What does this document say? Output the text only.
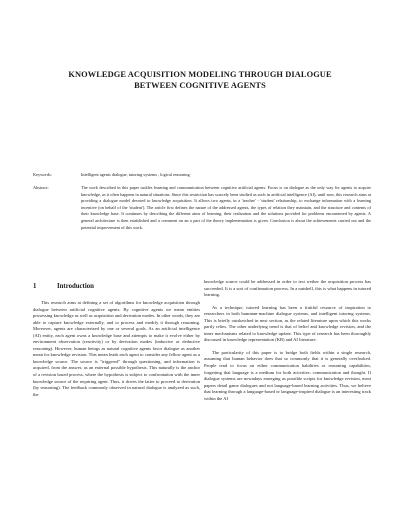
KNOWLEDGE ACQUISITION MODELING THROUGH DIALOGUE
BETWEEN COGNITIVE AGENTS
Keywords:	Intelligent agents dialogue, tutoring systems , logical reasoning
Abstract:	The work described in this paper tackles learning and communication between cognitive artificial agents. Focus is on dialogue as the only way for agents to acquire knowledge, as it often happens in natural situations. Since this restriction has scarcely been studied as such in artificial intelligence (AI), until now, this research aims at providing a dialogue model devoted to knowledge acquisition. It allows two agents, in a 'teacher' - 'student' relationship, to exchange information with a learning incentive (on behalf of the 'student'). The article first defines the nature of the addressed agents, the types of relation they maintain, and the structure and contents of their knowledge base. It continues by describing the different aims of learning, their realization and the solutions provided for problems encountered by agents. A general architecture is then established and a comment on an a part of the theory implementation is given. Conclusion is about the achievements carried out and the potential improvement of this work.
1	Introduction

This research aims at defining a set of algorithms for knowledge acquisition through dialogue between artificial cognitive agents. By cognitive agents we mean entities possessing knowledge as well as acquisition and derivation modes. In other words, they are able to capture knowledge externally, and to process and modify it through reasoning. Moreover, agents are characterized by one or several goals. As an artificial intelligence (AI) entity, each agent owns a knowledge base and attempts to make it evolve either by environment observation (reactivity) or by derivation modes (inductive or deductive reasoning). However, human beings as natural cognitive agents favor dialogue as another mean for knowledge revision. This mean leads each agent to consider any fellow agent as a knowledge source. The source is "triggered" through questioning, and information is acquired, from the answer, as an external possible hypothesis. This naturally is the anchor of a revision based process, where the hypothesis is subject to confrontation with the inner knowledge source of the requiring agent. Thus, it drives the latter to proceed to derivation (by reasoning). The feedback commonly observed in natural dialogue is analyzed as such, the

knowledge source could be addressed in order to test wether the acquisition process has succeeded. It is a sort of confirmation process. In a nutshell, this is what happens in tutored learning.

As a technique, tutored learning has been a fruitful resource of inspiration to researchers in both humman-machine dialogue systems, and intelligent tutoring systems. This is briefly outsketched in next section, as the related literature upon which this works partly relies. The other underlying trend is that of belief and knowledge revision, and the inner mechanisms related to knowledge update. This type of research has been thoroughly discussed in knowledge representation (KR) and AI literature.

The particularity of this paper is to bridge both fields within a single research, assuming that human behavior does that so commonly that it is generally overlooked. People tend to focus on either communication habilities or reasoning capabilities, forgetting that language is a medium for both activities: communication and thought. If dialogue systems are nowadays emerging as possible scripts for knowledge revision, most papers detail game dialogues and not language-based learning activities. Thus, we believe that learning through a language-based or language-inspired dialogue is an interesting track within the AI
